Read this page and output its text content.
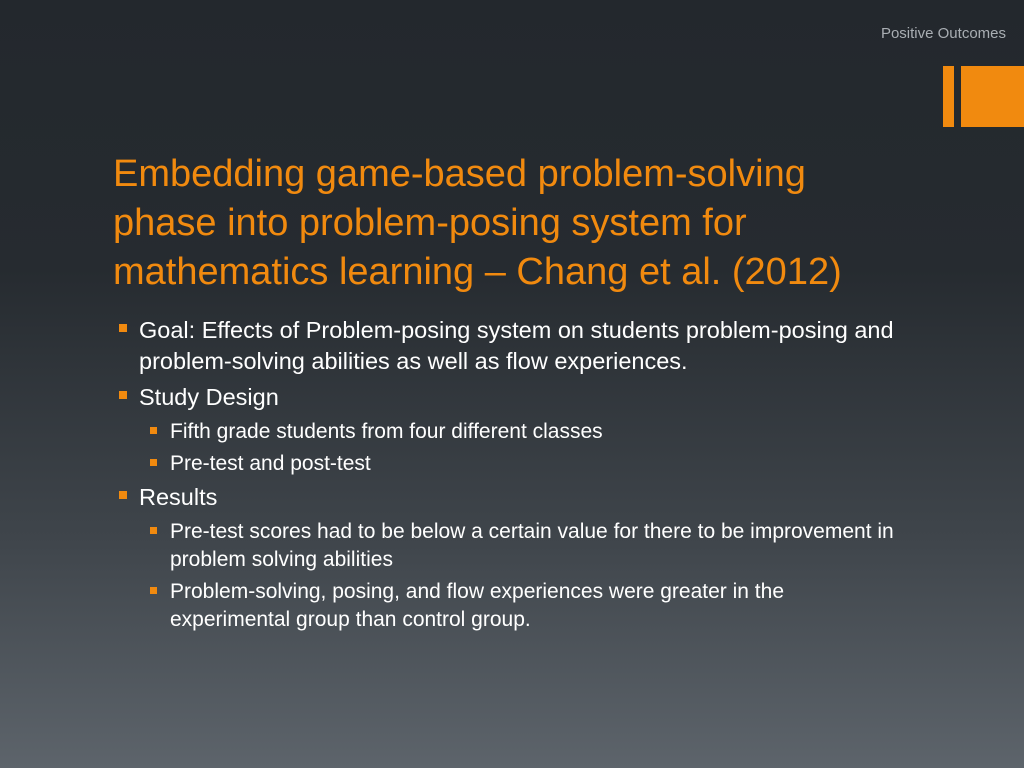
Positive Outcomes
Embedding game-based problem-solving phase into problem-posing system for mathematics learning – Chang et al. (2012)
Goal: Effects of Problem-posing system on students problem-posing and problem-solving abilities as well as flow experiences.
Study Design
Fifth grade students from four different classes
Pre-test and post-test
Results
Pre-test scores had to be below a certain value for there to be improvement in problem solving abilities
Problem-solving, posing, and flow experiences were greater in the experimental group than control group.
